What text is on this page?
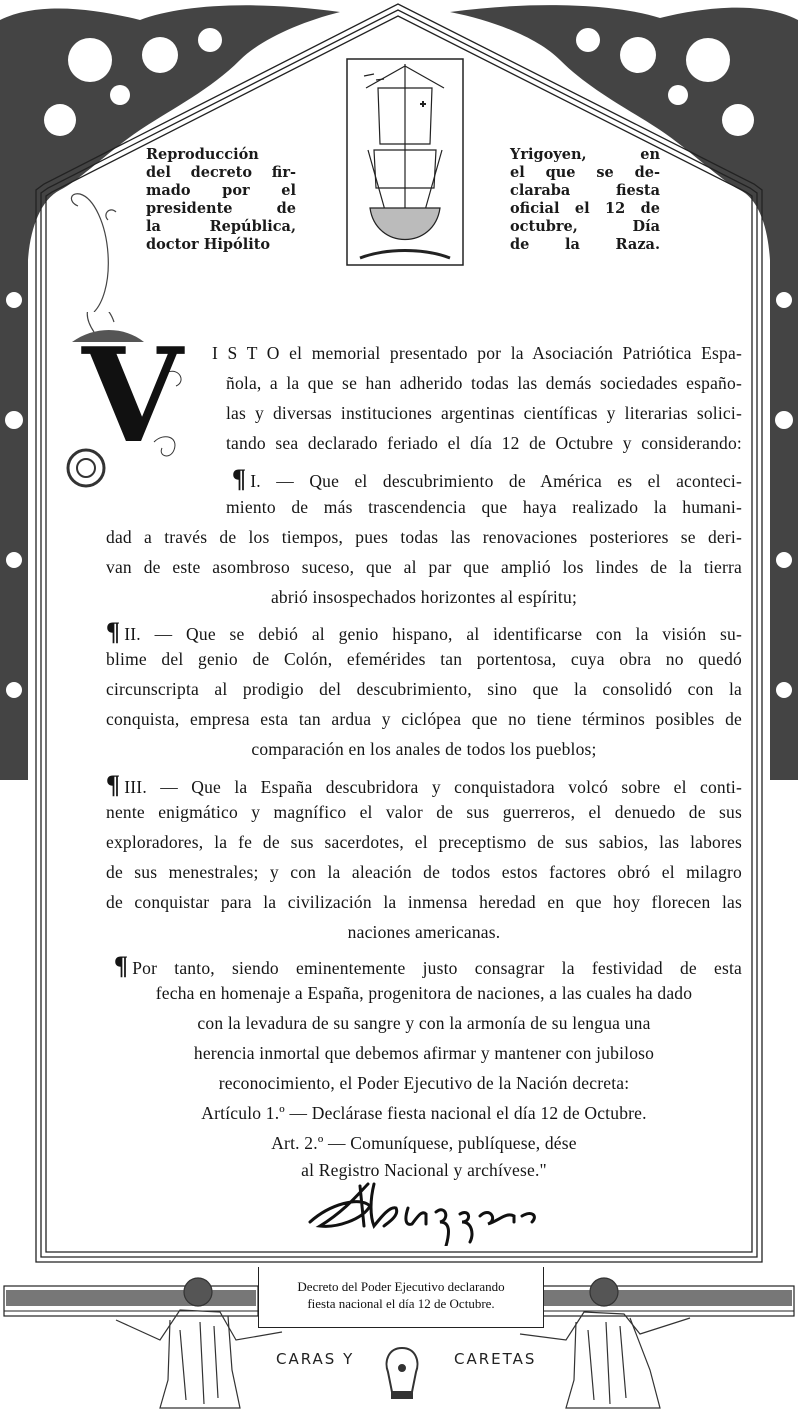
Reproducción
del decreto fir-
mado por el
presidente de
la República,
doctor Hipólito
Yrigoyen, en
el que se de-
claraba fiesta
oficial el 12 de
octubre, Día
de la Raza.
V I S T O el memorial presentado por la Asociación Patriótica Espa-
ñola, a la que se han adherido todas las demás sociedades españo-
las y diversas instituciones argentinas científicas y literarias solici-
tando sea declarado feriado el día 12 de Octubre y considerando:
¶ I. — Que el descubrimiento de América es el aconteci-
miento de más trascendencia que haya realizado la humani-
dad a través de los tiempos, pues todas las renovaciones posteriores se deri-
van de este asombroso suceso, que al par que amplió los lindes de la tierra
abrió insospechados horizontes al espíritu;
¶ II. — Que se debió al genio hispano, al identificarse con la visión su-
blime del genio de Colón, efemérides tan portentosa, cuya obra no quedó
circunscripta al prodigio del descubrimiento, sino que la consolidó con la
conquista, empresa esta tan ardua y ciclópea que no tiene términos posibles de
comparación en los anales de todos los pueblos;
¶ III. — Que la España descubridora y conquistadora volcó sobre el conti-
nente enigmático y magnífico el valor de sus guerreros, el denuedo de sus
exploradores, la fe de sus sacerdotes, el preceptismo de sus sabios, las labores
de sus menestrales; y con la aleación de todos estos factores obró el milagro
de conquistar para la civilización la inmensa heredad en que hoy florecen las
naciones americanas.
¶ Por tanto, siendo eminentemente justo consagrar la festividad de esta
fecha en homenaje a España, progenitora de naciones, a las cuales ha dado
con la levadura de su sangre y con la armonía de su lengua una
herencia inmortal que debemos afirmar y mantener con jubiloso
reconocimiento, el Poder Ejecutivo de la Nación decreta:
Artículo 1.º — Declárase fiesta nacional el día 12 de Octubre.
Art. 2.º — Comuníquese, publíquese, dése
al Registro Nacional y archívese."
Decreto del Poder Ejecutivo declarando
fiesta nacional el día 12 de Octubre.
CARAS Y	CARETAS
